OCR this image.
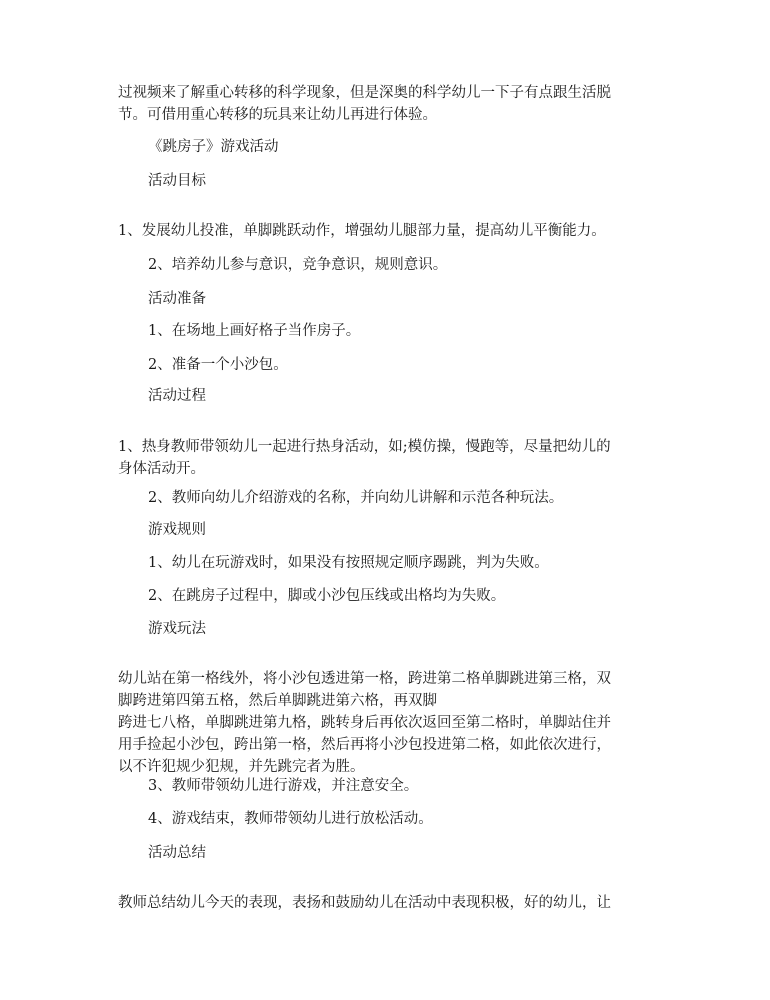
过视频来了解重心转移的科学现象，但是深奥的科学幼儿一下子有点跟生活脱
节。可借用重心转移的玩具来让幼儿再进行体验。

《跳房子》游戏活动

活动目标

1、发展幼儿投准，单脚跳跃动作，增强幼儿腿部力量，提高幼儿平衡能力。

2、培养幼儿参与意识，竞争意识，规则意识。

活动准备

1、在场地上画好格子当作房子。

2、准备一个小沙包。

活动过程

1、热身教师带领幼儿一起进行热身活动，如;模仿操，慢跑等，尽量把幼儿的
身体活动开。

2、教师向幼儿介绍游戏的名称，并向幼儿讲解和示范各种玩法。

游戏规则

1、幼儿在玩游戏时，如果没有按照规定顺序踢跳，判为失败。

2、在跳房子过程中，脚或小沙包压线或出格均为失败。

游戏玩法

幼儿站在第一格线外，将小沙包透进第一格，跨进第二格单脚跳进第三格，双
脚跨进第四第五格，然后单脚跳进第六格，再双脚
跨进七八格，单脚跳进第九格，跳转身后再依次返回至第二格时，单脚站住并
用手捡起小沙包，跨出第一格，然后再将小沙包投进第二格，如此依次进行，
以不许犯规少犯规，并先跳完者为胜。

3、教师带领幼儿进行游戏，并注意安全。

4、游戏结束，教师带领幼儿进行放松活动。

活动总结

教师总结幼儿今天的表现，表扬和鼓励幼儿在活动中表现积极，好的幼儿，让
